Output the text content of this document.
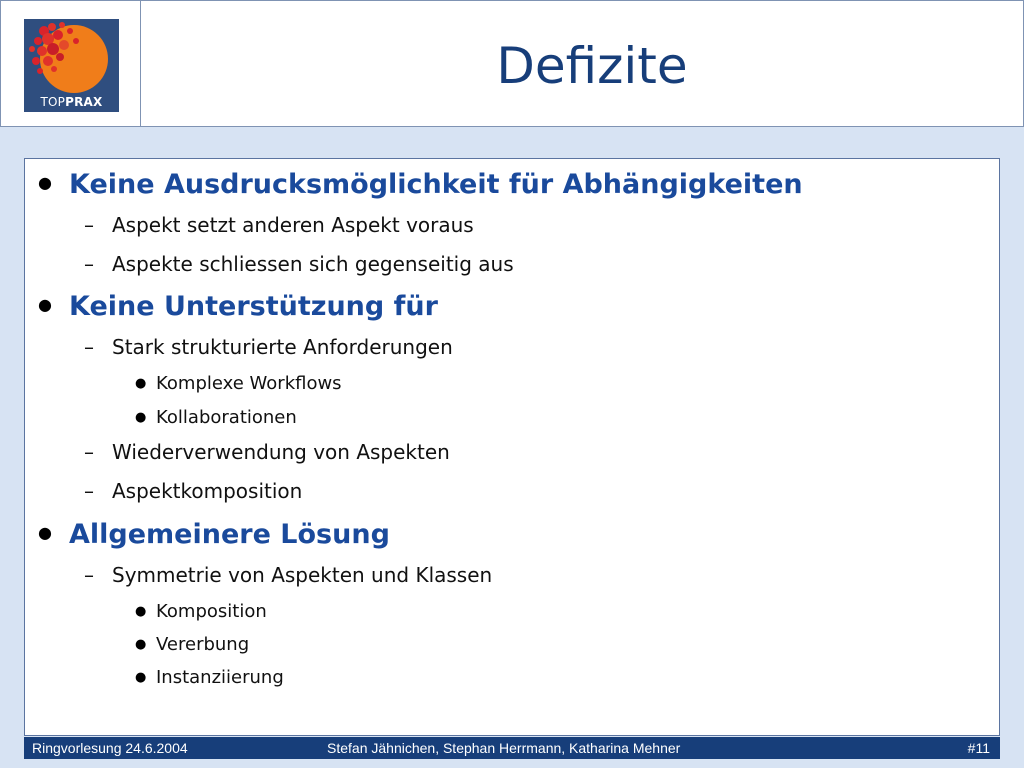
TOPPRAX
Defizite
● Keine Ausdrucksmöglichkeit für Abhängigkeiten
– Aspekt setzt anderen Aspekt voraus
– Aspekte schliessen sich gegenseitig aus
● Keine Unterstützung für
– Stark strukturierte Anforderungen
● Komplexe Workflows
● Kollaborationen
– Wiederverwendung von Aspekten
– Aspektkomposition
● Allgemeinere Lösung
– Symmetrie von Aspekten und Klassen
● Komposition
● Vererbung
● Instanziierung
Ringvorlesung 24.6.2004	Stefan Jähnichen, Stephan Herrmann, Katharina Mehner	#11
